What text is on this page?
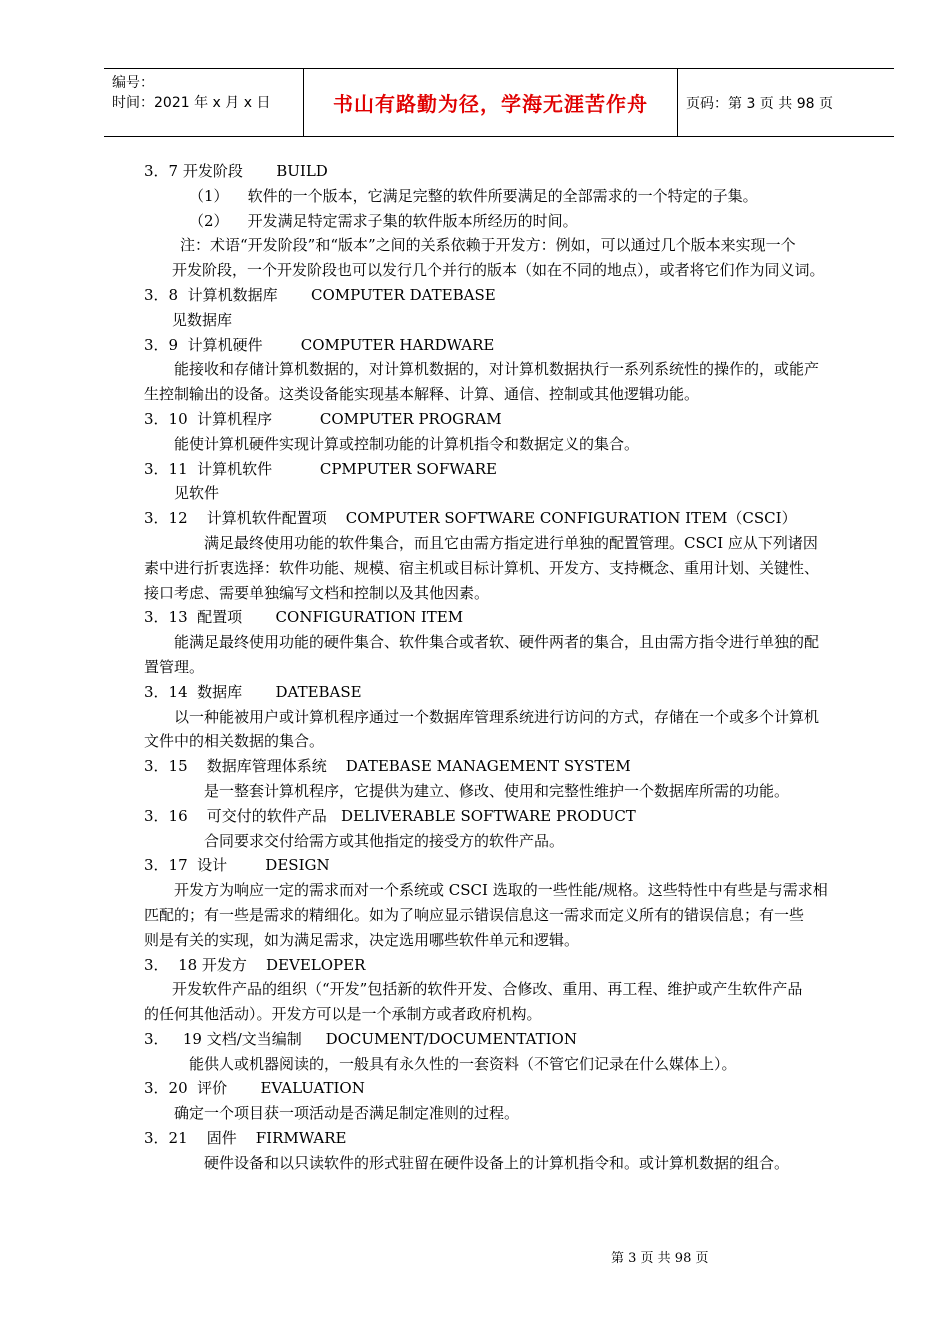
编号：
时间：2021 年 x 月 x 日	书山有路勤为径，学海无涯苦作舟	页码：第 3 页 共 98 页
3．7 开发阶段       BUILD
（1）    软件的一个版本，它满足完整的软件所要满足的全部需求的一个特定的子集。
（2）    开发满足特定需求子集的软件版本所经历的时间。
注：术语“开发阶段”和“版本”之间的关系依赖于开发方：例如，可以通过几个版本来实现一个
开发阶段，一个开发阶段也可以发行几个并行的版本（如在不同的地点），或者将它们作为同义词。
3．8  计算机数据库       COMPUTER DATEBASE
见数据库
3．9  计算机硬件        COMPUTER HARDWARE
能接收和存储计算机数据的，对计算机数据的，对计算机数据执行一系列系统性的操作的，或能产
生控制输出的设备。这类设备能实现基本解释、计算、通信、控制或其他逻辑功能。
3．10  计算机程序          COMPUTER PROGRAM
能使计算机硬件实现计算或控制功能的计算机指令和数据定义的集合。
3．11  计算机软件          CPMPUTER SOFWARE
见软件
3．12    计算机软件配置项    COMPUTER SOFTWARE CONFIGURATION ITEM（CSCI）
满足最终使用功能的软件集合，而且它由需方指定进行单独的配置管理。CSCI 应从下列诸因
素中进行折衷选择：软件功能、规模、宿主机或目标计算机、开发方、支持概念、重用计划、关键性、
接口考虑、需要单独编写文档和控制以及其他因素。
3．13  配置项       CONFIGURATION ITEM
能满足最终使用功能的硬件集合、软件集合或者软、硬件两者的集合，且由需方指令进行单独的配
置管理。
3．14  数据库       DATEBASE
以一种能被用户或计算机程序通过一个数据库管理系统进行访问的方式，存储在一个或多个计算机
文件中的相关数据的集合。
3．15    数据库管理体系统    DATEBASE MANAGEMENT SYSTEM
是一整套计算机程序，它提供为建立、修改、使用和完整性维护一个数据库所需的功能。
3．16    可交付的软件产品   DELIVERABLE SOFTWARE PRODUCT
合同要求交付给需方或其他指定的接受方的软件产品。
3．17  设计        DESIGN
开发方为响应一定的需求而对一个系统或 CSCI 选取的一些性能/规格。这些特性中有些是与需求相
匹配的；有一些是需求的精细化。如为了响应显示错误信息这一需求而定义所有的错误信息；有一些
则是有关的实现，如为满足需求，决定选用哪些软件单元和逻辑。
3．  18 开发方    DEVELOPER
开发软件产品的组织（“开发”包括新的软件开发、合修改、重用、再工程、维护或产生软件产品
的任何其他活动）。开发方可以是一个承制方或者政府机构。
3．   19 文档/文当编制     DOCUMENT/DOCUMENTATION
能供人或机器阅读的，一般具有永久性的一套资料（不管它们记录在什么媒体上）。
3．20  评价       EVALUATION
确定一个项目获一项活动是否满足制定准则的过程。
3．21    固件    FIRMWARE
硬件设备和以只读软件的形式驻留在硬件设备上的计算机指令和。或计算机数据的组合。
第 3 页 共 98 页
